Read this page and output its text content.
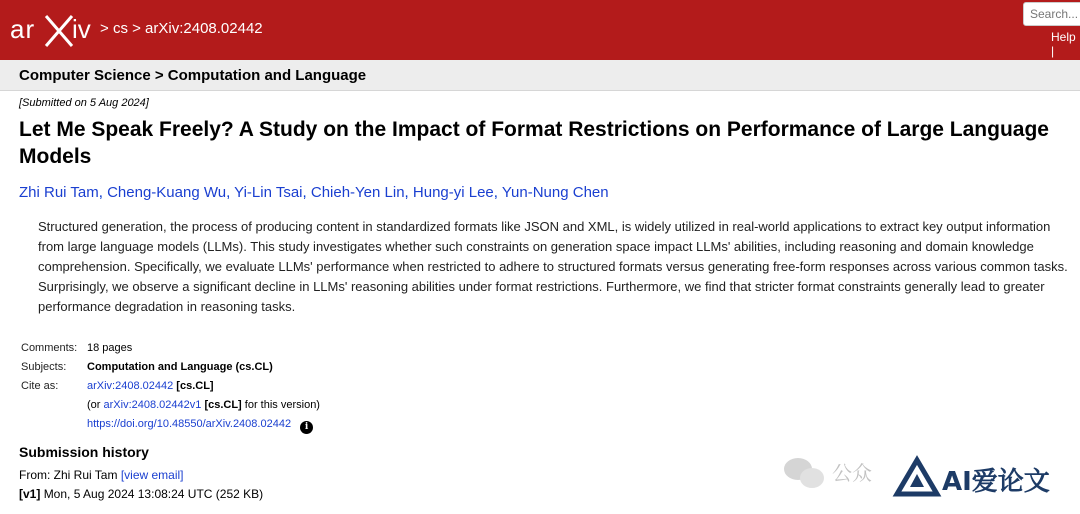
ar iv > cs > arXiv:2408.02442
Search...	Help |
Computer Science > Computation and Language
[Submitted on 5 Aug 2024]
Let Me Speak Freely? A Study on the Impact of Format Restrictions on Performance of Large Language Models
Zhi Rui Tam, Cheng-Kuang Wu, Yi-Lin Tsai, Chieh-Yen Lin, Hung-yi Lee, Yun-Nung Chen
Structured generation, the process of producing content in standardized formats like JSON and XML, is widely utilized in real-world applications to extract key output information from large language models (LLMs). This study investigates whether such constraints on generation space impact LLMs' abilities, including reasoning and domain knowledge comprehension. Specifically, we evaluate LLMs' performance when restricted to adhere to structured formats versus generating free-form responses across various common tasks. Surprisingly, we observe a significant decline in LLMs' reasoning abilities under format restrictions. Furthermore, we find that stricter format constraints generally lead to greater performance degradation in reasoning tasks.
Comments:	18 pages
Subjects:	Computation and Language (cs.CL)
Cite as:	arXiv:2408.02442 [cs.CL]
	(or arXiv:2408.02442v1 [cs.CL] for this version)
	https://doi.org/10.48550/arXiv.2408.02442 i
Submission history
From: Zhi Rui Tam [view email]
[v1] Mon, 5 Aug 2024 13:08:24 UTC (252 KB)
公众	AI爱论文
